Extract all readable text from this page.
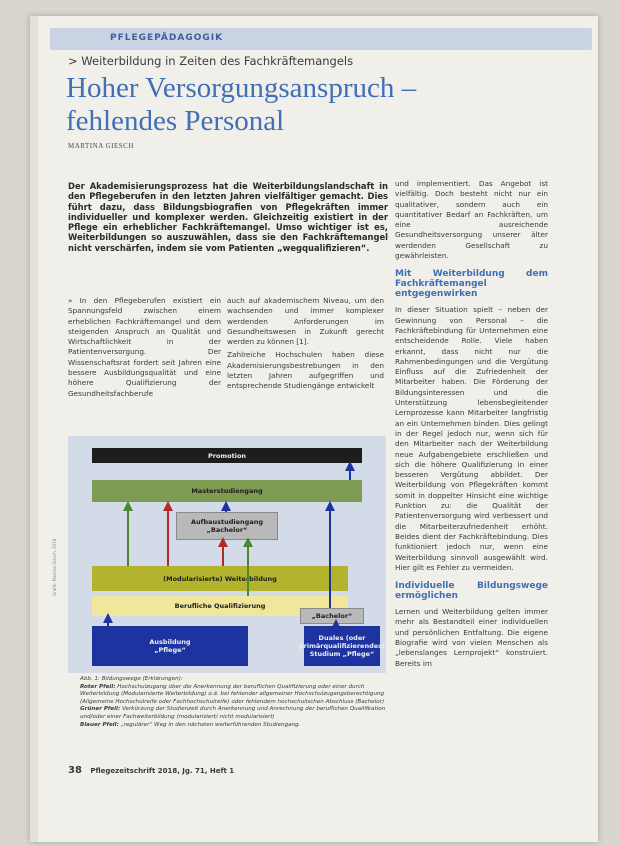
PFLEGEPÄDAGOGIK
> Weiterbildung in Zeiten des Fachkräftemangels
Hoher Versorgungsanspruch –
fehlendes Personal
MARTINA GIESCH
Der Akademisierungsprozess hat die Weiterbildungslandschaft in den Pflegeberufen in den letzten Jahren vielfältiger gemacht. Dies führt dazu, dass Bildungsbiografien von Pflegekräften immer individueller und komplexer werden. Gleichzeitig existiert in der Pflege ein erheblicher Fachkräftemangel. Umso wichtiger ist es, Weiterbildungen so auszuwählen, dass sie den Fachkräftemangel nicht verschärfen, indem sie vom Patienten „wegqualifizieren“.

» In den Pflegeberufen existiert ein Spannungsfeld zwischen einem erheblichen Fachkräftemangel und dem steigenden Anspruch an Qualität und Wirtschaftlichkeit in der Patientenversorgung. Der Wissenschaftsrat fordert seit Jahren eine bessere Ausbildungsqualität und eine höhere Qualifizierung der Gesundheitsfachberufe

auch auf akademischem Niveau, um den wachsenden und immer komplexer werdenden Anforderungen im Gesundheitswesen in Zukunft gerecht werden zu können [1].

Zahlreiche Hochschulen haben diese Akademisierungsbestrebungen in den letzten Jahren aufgegriffen und entsprechende Studiengänge entwickelt

und implementiert. Das Angebot ist vielfältig. Doch besteht nicht nur ein qualitativer, sondern auch ein quantitativer Bedarf an Fachkräften, um eine ausreichende Gesundheitsversorgung unserer älter werdenden Gesellschaft zu gewährleisten.

Mit Weiterbildung dem Fachkräftemangel entgegenwirken

In dieser Situation spielt – neben der Gewinnung von Personal – die Fachkräftebindung für Unternehmen eine entscheidende Rolle. Viele haben erkannt, dass nicht nur die Rahmenbedingungen und die Vergütung Einfluss auf die Zufriedenheit der Mitarbeiter haben. Die Förderung der Bildungsinteressen und die Unterstützung lebensbegleitender Lernprozesse kann Mitarbeiter langfristig an ein Unternehmen binden. Dies gelingt in der Regel jedoch nur, wenn sich für den Mitarbeiter nach der Weiterbildung neue Aufgabengebiete erschließen und sich die höhere Qualifizierung in einer besseren Vergütung abbildet. Der Weiterbildung von Pflegekräften kommt somit in doppelter Hinsicht eine wichtige Funktion zu: die Qualität der Patientenversorgung wird verbessert und die Mitarbeiterzufriedenheit erhöht. Beides dient der Fachkräftebindung. Dies funktioniert jedoch nur, wenn eine Weiterbildung sinnvoll ausgewählt wird. Hier gilt es Fehler zu vermeiden.

Individuelle Bildungswege ermöglichen

Lernen und Weiterbildung gelten immer mehr als Bestandteil einer individuellen und persönlichen Entfaltung. Die eigene Biografie wird von vielen Menschen als „lebenslanges Lernprojekt“ konstruiert. Bereits im

Promotion
Masterstudiengang
Aufbaustudiengang
„Bachelor“
(Modularisierte) Weiterbildung
Berufliche Qualifizierung
„Bachelor“
Ausbildung
„Pflege“
Duales (oder
primärqualifizierendes)
Studium „Pflege“
Grafik: Martina Giesch, 2018
Abb. 1: Bildungswege (Erklärungen):
Roter Pfeil: Hochschulzugang über die Anerkennung der beruflichen Qualifizierung oder einer durch Weiterbildung (Modularisierte Weiterbildung) o.ä. bei fehlender allgemeiner Hochschulzugangsberechtigung (Allgemeine Hochschulreife oder Fachhochschulreife) oder fehlendem hochschulischen Abschluss (Bachelor)
Grüner Pfeil: Verkürzung der Studienzeit durch Anerkennung und Anrechnung der beruflichen Qualifikation und/oder einer Fachweiterbildung (modularisiert/ nicht modularisiert)
Blauer Pfeil: „regulärer“ Weg in den nächsten weiterführenden Studiengang.
38 Pflegezeitschrift 2018, Jg. 71, Heft 1
